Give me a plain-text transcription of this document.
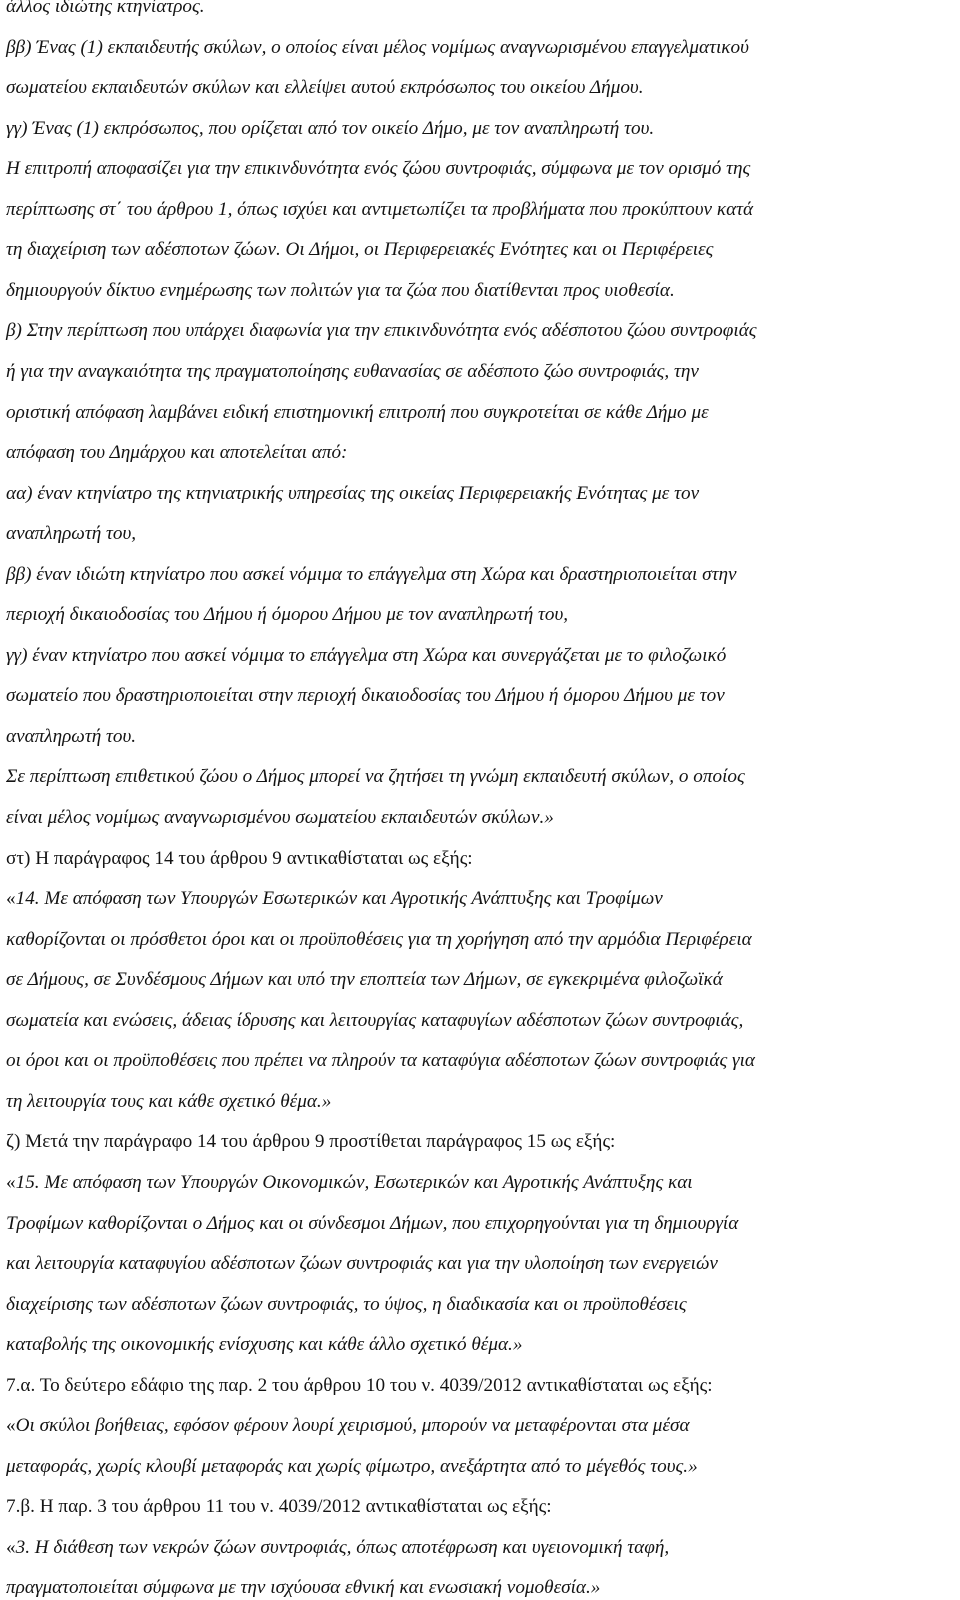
άλλος ιδιώτης κτηνίατρος.
ββ) Ένας (1) εκπαιδευτής σκύλων, ο οποίος είναι μέλος νομίμως αναγνωρισμένου επαγγελματικού
σωματείου εκπαιδευτών σκύλων και ελλείψει αυτού εκπρόσωπος του οικείου Δήμου.
γγ) Ένας (1) εκπρόσωπος, που ορίζεται από τον οικείο Δήμο, με τον αναπληρωτή του.
Η επιτροπή αποφασίζει για την επικινδυνότητα ενός ζώου συντροφιάς, σύμφωνα με τον ορισμό της
περίπτωσης στ΄ του άρθρου 1, όπως ισχύει και αντιμετωπίζει τα προβλήματα που προκύπτουν κατά
τη διαχείριση των αδέσποτων ζώων. Οι Δήμοι, οι Περιφερειακές Ενότητες και οι Περιφέρειες
δημιουργούν δίκτυο ενημέρωσης των πολιτών για τα ζώα που διατίθενται προς υιοθεσία.
β) Στην περίπτωση που υπάρχει διαφωνία για την επικινδυνότητα ενός αδέσποτου ζώου συντροφιάς
ή για την αναγκαιότητα της πραγματοποίησης ευθανασίας σε αδέσποτο ζώο συντροφιάς, την
οριστική απόφαση λαμβάνει ειδική επιστημονική επιτροπή που συγκροτείται σε κάθε Δήμο με
απόφαση του Δημάρχου και αποτελείται από:
αα) έναν κτηνίατρο της κτηνιατρικής υπηρεσίας της οικείας Περιφερειακής Ενότητας με τον
αναπληρωτή του,
ββ) έναν ιδιώτη κτηνίατρο που ασκεί νόμιμα το επάγγελμα στη Χώρα και δραστηριοποιείται στην
περιοχή δικαιοδοσίας του Δήμου ή όμορου Δήμου με τον αναπληρωτή του,
γγ) έναν κτηνίατρο που ασκεί νόμιμα το επάγγελμα στη Χώρα και συνεργάζεται με το φιλοζωικό
σωματείο που δραστηριοποιείται στην περιοχή δικαιοδοσίας του Δήμου ή όμορου Δήμου με τον
αναπληρωτή του.
Σε περίπτωση επιθετικού ζώου ο Δήμος μπορεί να ζητήσει τη γνώμη εκπαιδευτή σκύλων, ο οποίος
είναι μέλος νομίμως αναγνωρισμένου σωματείου εκπαιδευτών σκύλων.»
στ) Η παράγραφος 14 του άρθρου 9 αντικαθίσταται ως εξής:
«14. Με απόφαση των Υπουργών Εσωτερικών και Αγροτικής Ανάπτυξης και Τροφίμων
καθορίζονται οι πρόσθετοι όροι και οι προϋποθέσεις για τη χορήγηση από την αρμόδια Περιφέρεια
σε Δήμους, σε Συνδέσμους Δήμων και υπό την εποπτεία των Δήμων, σε εγκεκριμένα φιλοζωϊκά
σωματεία και ενώσεις, άδειας ίδρυσης και λειτουργίας καταφυγίων αδέσποτων ζώων συντροφιάς,
οι όροι και οι προϋποθέσεις που πρέπει να πληρούν τα καταφύγια αδέσποτων ζώων συντροφιάς για
τη λειτουργία τους και κάθε σχετικό θέμα.»
ζ) Μετά την παράγραφο 14 του άρθρου 9 προστίθεται παράγραφος 15 ως εξής:
«15. Με απόφαση των Υπουργών Οικονομικών, Εσωτερικών και Αγροτικής Ανάπτυξης και
Τροφίμων καθορίζονται ο Δήμος και οι σύνδεσμοι Δήμων, που επιχορηγούνται για τη δημιουργία
και λειτουργία καταφυγίου αδέσποτων ζώων συντροφιάς και για την υλοποίηση των ενεργειών
διαχείρισης των αδέσποτων ζώων συντροφιάς, το ύψος, η διαδικασία και οι προϋποθέσεις
καταβολής της οικονομικής ενίσχυσης και κάθε άλλο σχετικό θέμα.»
7.α. Το δεύτερο εδάφιο της παρ. 2 του άρθρου 10 του ν. 4039/2012 αντικαθίσταται ως εξής:
«Οι σκύλοι βοήθειας, εφόσον φέρουν λουρί χειρισμού, μπορούν να μεταφέρονται στα μέσα
μεταφοράς, χωρίς κλουβί μεταφοράς και χωρίς φίμωτρο, ανεξάρτητα από το μέγεθός τους.»
7.β. Η παρ. 3 του άρθρου 11 του ν. 4039/2012 αντικαθίσταται ως εξής:
«3. Η διάθεση των νεκρών ζώων συντροφιάς, όπως αποτέφρωση και υγειονομική ταφή,
πραγματοποιείται σύμφωνα με την ισχύουσα εθνική και ενωσιακή νομοθεσία.»
